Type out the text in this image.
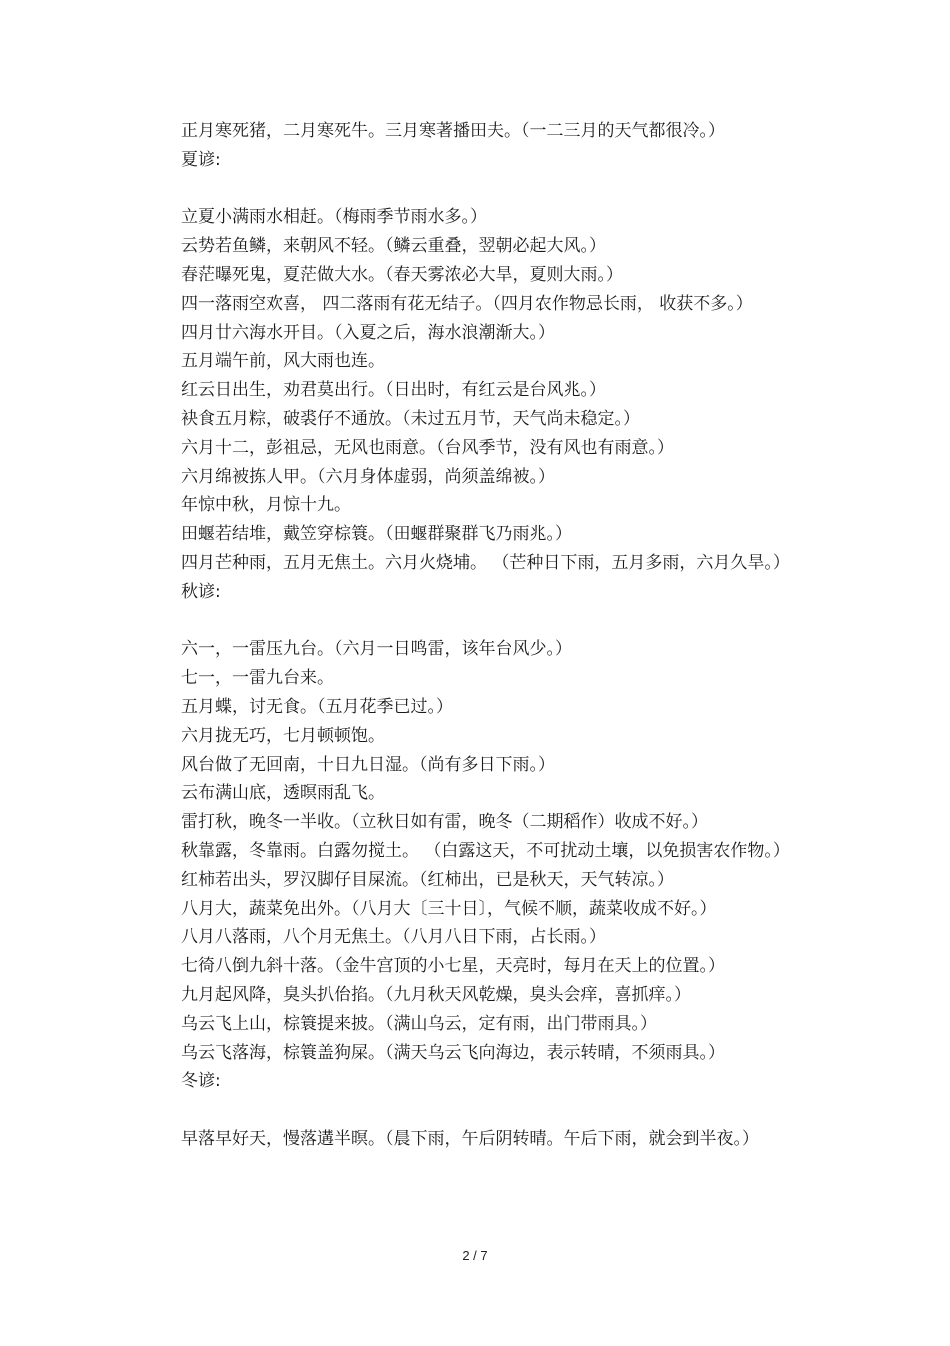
正月寒死猪，二月寒死牛。三月寒著播田夫。（一二三月的天气都很冷。）
夏谚:
立夏小满雨水相赶。（梅雨季节雨水多。）
云势若鱼鳞，来朝风不轻。（鳞云重叠，翌朝必起大风。）
春茫曝死鬼，夏茫做大水。（春天雾浓必大旱，夏则大雨。）
四一落雨空欢喜， 四二落雨有花无结子。（四月农作物忌长雨， 收获不多。）
四月廿六海水开目。（入夏之后，海水浪潮渐大。）
五月端午前，风大雨也连。
红云日出生，劝君莫出行。（日出时，有红云是台风兆。）
袂食五月粽，破裘仔不通放。（未过五月节，天气尚未稳定。）
六月十二，彭祖忌，无风也雨意。（台风季节，没有风也有雨意。）
六月绵被拣人甲。（六月身体虚弱，尚须盖绵被。）
年惊中秋，月惊十九。
田蝘若结堆，戴笠穿棕簑。（田蝘群聚群飞乃雨兆。）
四月芒种雨，五月无焦土。六月火烧埔。 （芒种日下雨，五月多雨，六月久旱。）
秋谚:
六一，一雷压九台。（六月一日鸣雷，该年台风少。）
七一，一雷九台来。
五月蝶，讨无食。（五月花季已过。）
六月拢无巧，七月顿顿饱。
风台做了无回南，十日九日湿。（尚有多日下雨。）
云布满山底，透暝雨乱飞。
雷打秋，晚冬一半收。（立秋日如有雷，晚冬（二期稻作）收成不好。）
秋靠露，冬靠雨。白露勿搅土。 （白露这天，不可扰动土壤，以免损害农作物。）
红柿若出头，罗汉脚仔目屎流。（红柿出，已是秋天，天气转凉。）
八月大，蔬菜免出外。（八月大〔三十日〕，气候不顺，蔬菜收成不好。）
八月八落雨，八个月无焦土。（八月八日下雨，占长雨。）
七徛八倒九斜十落。（金牛宫顶的小七星，天亮时，每月在天上的位置。）
九月起风降，臭头扒佁掐。（九月秋天风乾燥，臭头会痒，喜抓痒。）
乌云飞上山，棕簑提来披。（满山乌云，定有雨，出门带雨具。）
乌云飞落海，棕簑盖狗屎。（满天乌云飞向海边，表示转晴，不须雨具。）
冬谚:
早落早好天，慢落遘半暝。（晨下雨，午后阴转晴。午后下雨，就会到半夜。）
2 / 7
